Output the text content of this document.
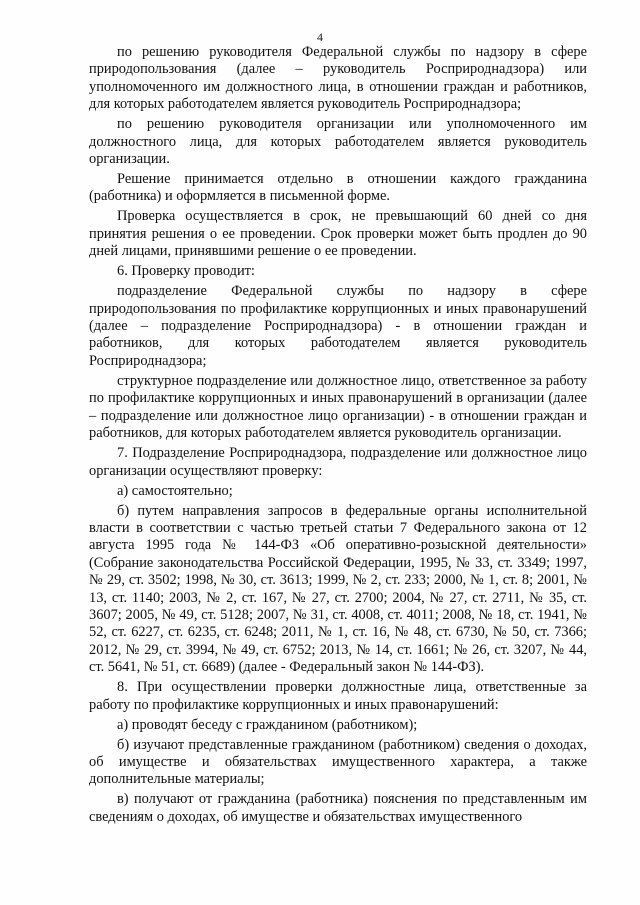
4

по решению руководителя Федеральной службы по надзору в сфере природопользования (далее – руководитель Росприроднадзора) или уполномоченного им должностного лица, в отношении граждан и работников, для которых работодателем является руководитель Росприроднадзора;

по решению руководителя организации или уполномоченного им должностного лица, для которых работодателем является руководитель организации.

Решение принимается отдельно в отношении каждого гражданина (работника) и оформляется в письменной форме.

Проверка осуществляется в срок, не превышающий 60 дней со дня принятия решения о ее проведении. Срок проверки может быть продлен до 90 дней лицами, принявшими решение о ее проведении.

6. Проверку проводит:

подразделение Федеральной службы по надзору в сфере природопользования по профилактике коррупционных и иных правонарушений (далее – подразделение Росприроднадзора) - в отношении граждан и работников, для которых работодателем является руководитель Росприроднадзора;

структурное подразделение или должностное лицо, ответственное за работу по профилактике коррупционных и иных правонарушений в организации (далее – подразделение или должностное лицо организации) - в отношении граждан и работников, для которых работодателем является руководитель организации.

7. Подразделение Росприроднадзора, подразделение или должностное лицо организации осуществляют проверку:

а) самостоятельно;

б) путем направления запросов в федеральные органы исполнительной власти в соответствии с частью третьей статьи 7 Федерального закона от 12 августа 1995 года № 144-ФЗ «Об оперативно-розыскной деятельности» (Собрание законодательства Российской Федерации, 1995, № 33, ст. 3349; 1997, № 29, ст. 3502; 1998, № 30, ст. 3613; 1999, № 2, ст. 233; 2000, № 1, ст. 8; 2001, № 13, ст. 1140; 2003, № 2, ст. 167, № 27, ст. 2700; 2004, № 27, ст. 2711, № 35, ст. 3607; 2005, № 49, ст. 5128; 2007, № 31, ст. 4008, ст. 4011; 2008, № 18, ст. 1941, № 52, ст. 6227, ст. 6235, ст. 6248; 2011, № 1, ст. 16, № 48, ст. 6730, № 50, ст. 7366; 2012, № 29, ст. 3994, № 49, ст. 6752; 2013, № 14, ст. 1661; № 26, ст. 3207, № 44, ст. 5641, № 51, ст. 6689) (далее - Федеральный закон № 144-ФЗ).

8. При осуществлении проверки должностные лица, ответственные за работу по профилактике коррупционных и иных правонарушений:

а) проводят беседу с гражданином (работником);

б) изучают представленные гражданином (работником) сведения о доходах, об имуществе и обязательствах имущественного характера, а также дополнительные материалы;

в) получают от гражданина (работника) пояснения по представленным им сведениям о доходах, об имуществе и обязательствах имущественного
